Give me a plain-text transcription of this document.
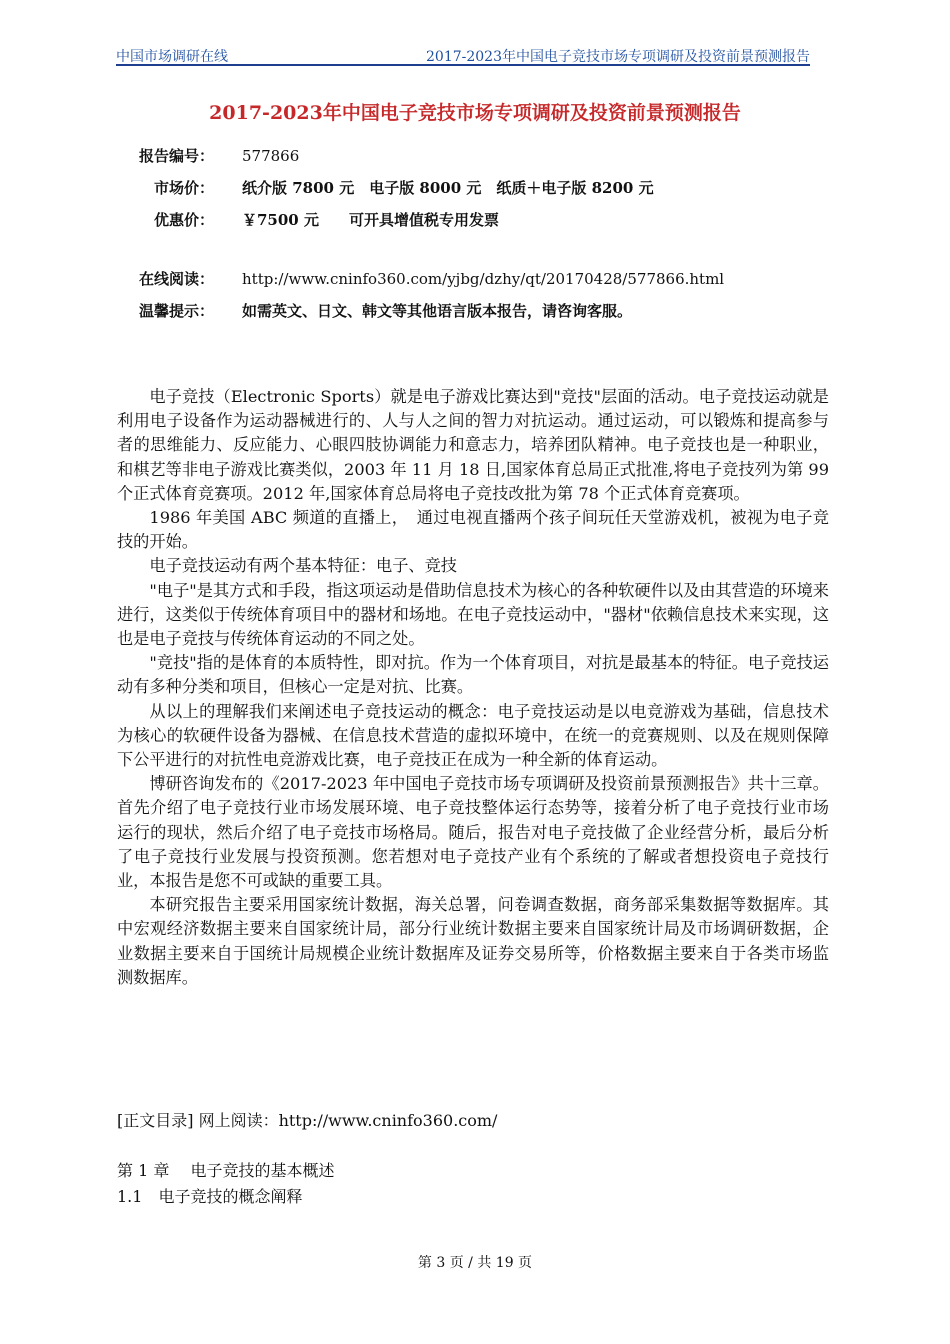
中国市场调研在线	2017-2023年中国电子竞技市场专项调研及投资前景预测报告
2017-2023年中国电子竞技市场专项调研及投资前景预测报告
报告编号： 577866
市场价： 纸介版 7800 元　电子版 8000 元　纸质＋电子版 8200 元
优惠价： ￥7500 元　　可开具增值税专用发票
在线阅读： http://www.cninfo360.com/yjbg/dzhy/qt/20170428/577866.html
温馨提示： 如需英文、日文、韩文等其他语言版本报告，请咨询客服。

电子竞技（Electronic Sports）就是电子游戏比赛达到"竞技"层面的活动。电子竞技运动就是利用电子设备作为运动器械进行的、人与人之间的智力对抗运动。通过运动，可以锻炼和提高参与者的思维能力、反应能力、心眼四肢协调能力和意志力，培养团队精神。电子竞技也是一种职业，和棋艺等非电子游戏比赛类似，2003 年 11 月 18 日,国家体育总局正式批准,将电子竞技列为第 99 个正式体育竞赛项。2012 年,国家体育总局将电子竞技改批为第 78 个正式体育竞赛项。

1986 年美国 ABC 频道的直播上，　通过电视直播两个孩子间玩任天堂游戏机，被视为电子竞技的开始。

电子竞技运动有两个基本特征：电子、竞技

"电子"是其方式和手段，指这项运动是借助信息技术为核心的各种软硬件以及由其营造的环境来进行，这类似于传统体育项目中的器材和场地。在电子竞技运动中，"器材"依赖信息技术来实现，这也是电子竞技与传统体育运动的不同之处。

"竞技"指的是体育的本质特性，即对抗。作为一个体育项目，对抗是最基本的特征。电子竞技运动有多种分类和项目，但核心一定是对抗、比赛。

从以上的理解我们来阐述电子竞技运动的概念：电子竞技运动是以电竞游戏为基础，信息技术为核心的软硬件设备为器械、在信息技术营造的虚拟环境中，在统一的竞赛规则、以及在规则保障下公平进行的对抗性电竞游戏比赛，电子竞技正在成为一种全新的体育运动。

博研咨询发布的《2017-2023 年中国电子竞技市场专项调研及投资前景预测报告》共十三章。首先介绍了电子竞技行业市场发展环境、电子竞技整体运行态势等，接着分析了电子竞技行业市场运行的现状，然后介绍了电子竞技市场格局。随后，报告对电子竞技做了企业经营分析，最后分析了电子竞技行业发展与投资预测。您若想对电子竞技产业有个系统的了解或者想投资电子竞技行业，本报告是您不可或缺的重要工具。

本研究报告主要采用国家统计数据，海关总署，问卷调查数据，商务部采集数据等数据库。其中宏观经济数据主要来自国家统计局，部分行业统计数据主要来自国家统计局及市场调研数据，企业数据主要来自于国统计局规模企业统计数据库及证券交易所等，价格数据主要来自于各类市场监测数据库。

[正文目录] 网上阅读：http://www.cninfo360.com/
第 1 章　 电子竞技的基本概述
1.1　电子竞技的概念阐释
第 3 页 / 共 19 页
